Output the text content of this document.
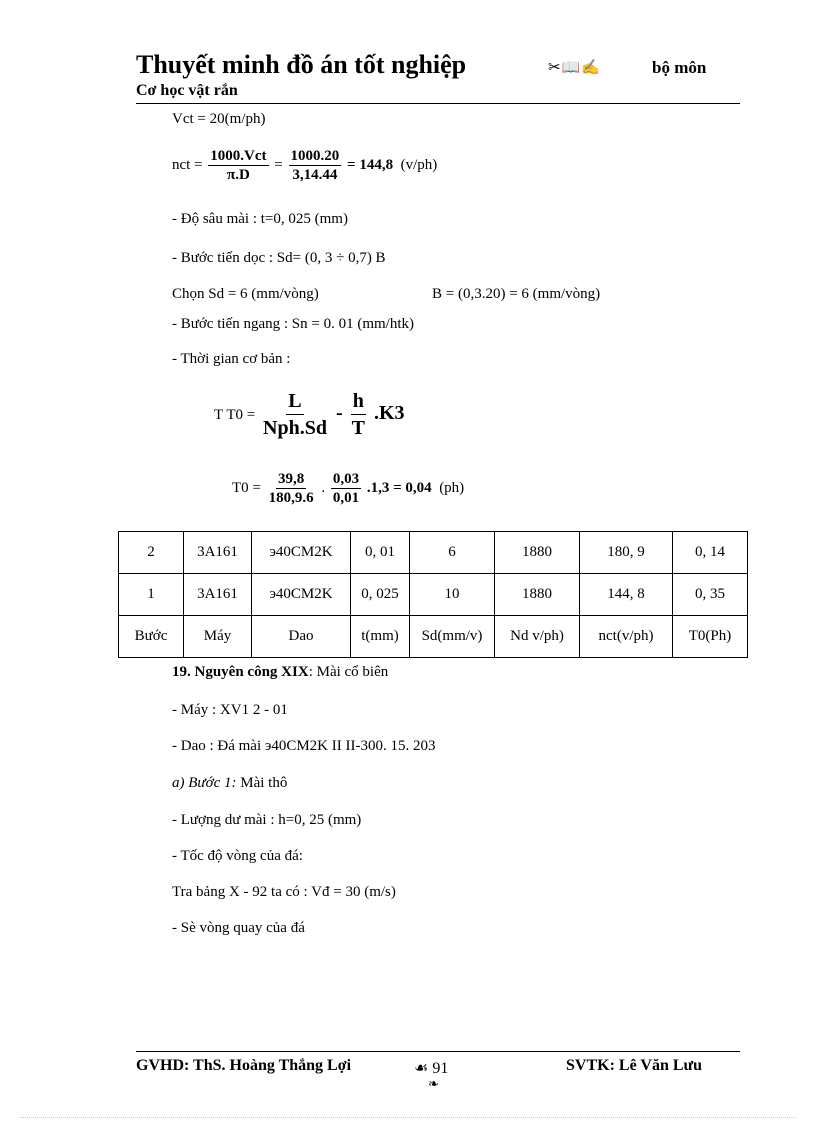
Thuyết minh đồ án tốt nghiệp	✂📖✍	bộ môn
Cơ học vật rắn
Vct = 20(m/ph)
nct = $\frac{\text{1000.Vct}}{\pi.D} = \frac{1000.20}{3,14.44} = 144,8$ (v/ph)
- Độ sâu mài : t=0, 025 (mm)
- Bước tiến dọc : Sd= (0, 3 ÷ 0,7) B
Chọn Sd = 6 (mm/vòng)	B = (0,3.20) = 6 (mm/vòng)
- Bước tiến ngang : Sn = 0. 01 (mm/htk)
- Thời gian cơ bản :
T $T0 = \frac{L}{\text{Nph.Sd}} - \frac{h}{T} .K3$
$T0 = \frac{39,8}{180,9.6}$ . $\frac{0,03}{0,01} .1,3 = 0,04$ (ph)
2	3A161	э40CM2K	0, 01	6	1880	180, 9	0, 14
1	3A161	э40CM2K	0, 025	10	1880	144, 8	0, 35
Bước	Máy	Dao	t(mm)	Sd(mm/v)	Nd v/ph)	nct(v/ph)	T0(Ph)
19. Nguyên công XIX: Mài cổ biên
- Máy : XV1 2 - 01
- Dao : Đá mài э40CM2K II II-300. 15. 203
a) Bước 1: Mài thô
- Lượng dư mài : h=0, 25 (mm)
- Tốc độ vòng của đá:
Tra bảng X - 92 ta có : Vđ = 30 (m/s)
- Sè vòng quay của đá
GVHD: ThS. Hoàng Thắng Lợi	☙ 91
❧
SVTK: Lê Văn Lưu
